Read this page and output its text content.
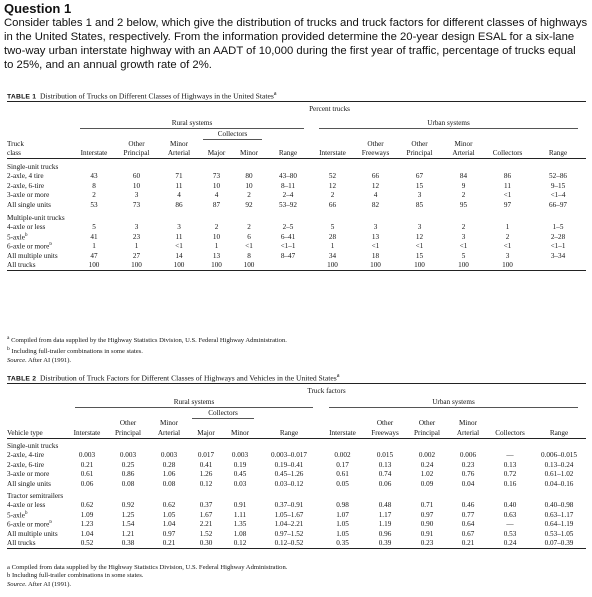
Question 1
Consider tables 1 and 2 below, which give the distribution of trucks and truck factors for different classes of highways in the United States, respectively. From the information provided determine the 20-year design ESAL for a six-lane two-way urban interstate highway with an AADT of 10,000 during the first year of traffic, percentage of trucks equal to 25%, and an annual growth rate of 2%.
TABLE 1 Distribution of Trucks on Different Classes of Highways in the United States$^a$
	Percent trucks											
	Rural systems						Urban systems					
				Collectors								
Truck		Other	Minor					Other	Other	Minor		
class	Interstate	Principal	Arterial	Major	Minor	Range	Interstate	Freeways	Principal	Arterial	Collectors	Range
Single-unit trucks												
2-axle, 4 tire	43	60	71	73	80	43–80	52	66	67	84	86	52–86
2-axle, 6-tire	8	10	11	10	10	8–11	12	12	15	9	11	9–15
3-axle or more	2	3	4	4	2	2–4	2	4	3	2	<1	<1–4
All single units	53	73	86	87	92	53–92	66	82	85	95	97	66–97
Multiple-unit trucks												
4-axle or less	5	3	3	2	2	2–5	5	3	3	2	1	1–5
5-axle$^b$	41	23	11	10	6	6–41	28	13	12	3	2	2–28
6-axle or more$^b$	1	1	<1	1	<1	<1–1	1	<1	<1	<1	<1	<1–1
All multiple units	47	27	14	13	8	8–47	34	18	15	5	3	3–34
All trucks	100	100	100	100	100		100	100	100	100	100	
$^a$ Compiled from data supplied by the Highway Statistics Division, U.S. Federal Highway Administration.
$^b$ Including full-trailer combinations in some states.
Source. After AI (1991).
TABLE 2 Distribution of Truck Factors for Different Classes of Highways and Vehicles in the United States$^a$
	Truck factors											
	Rural systems						Urban systems					
				Collectors								
		Other	Minor					Other	Other	Minor		
Vehicle type	Interstate	Principal	Arterial	Major	Minor	Range	Interstate	Freeways	Principal	Arterial	Collectors	Range
Single-unit trucks												
2-axle, 4-tire	0.003	0.003	0.003	0.017	0.003	0.003–0.017	0.002	0.015	0.002	0.006	—	0.006–0.015
2-axle, 6-tire	0.21	0.25	0.28	0.41	0.19	0.19–0.41	0.17	0.13	0.24	0.23	0.13	0.13–0.24
3-axle or more	0.61	0.86	1.06	1.26	0.45	0.45–1.26	0.61	0.74	1.02	0.76	0.72	0.61–1.02
All single units	0.06	0.08	0.08	0.12	0.03	0.03–0.12	0.05	0.06	0.09	0.04	0.16	0.04–0.16
Tractor semitrailers												
4-axle or less	0.62	0.92	0.62	0.37	0.91	0.37–0.91	0.98	0.48	0.71	0.46	0.40	0.40–0.98
5-axle$^b$	1.09	1.25	1.05	1.67	1.11	1.05–1.67	1.07	1.17	0.97	0.77	0.63	0.63–1.17
6-axle or more$^b$	1.23	1.54	1.04	2.21	1.35	1.04–2.21	1.05	1.19	0.90	0.64	—	0.64–1.19
All multiple units	1.04	1.21	0.97	1.52	1.08	0.97–1.52	1.05	0.96	0.91	0.67	0.53	0.53–1.05
All trucks	0.52	0.38	0.21	0.30	0.12	0.12–0.52	0.35	0.39	0.23	0.21	0.24	0.07–0.39
a Compiled from data supplied by the Highway Statistics Division, U.S. Federal Highway Administration.
b Including full-trailer combinations in some states.
Source. After AI (1991).
